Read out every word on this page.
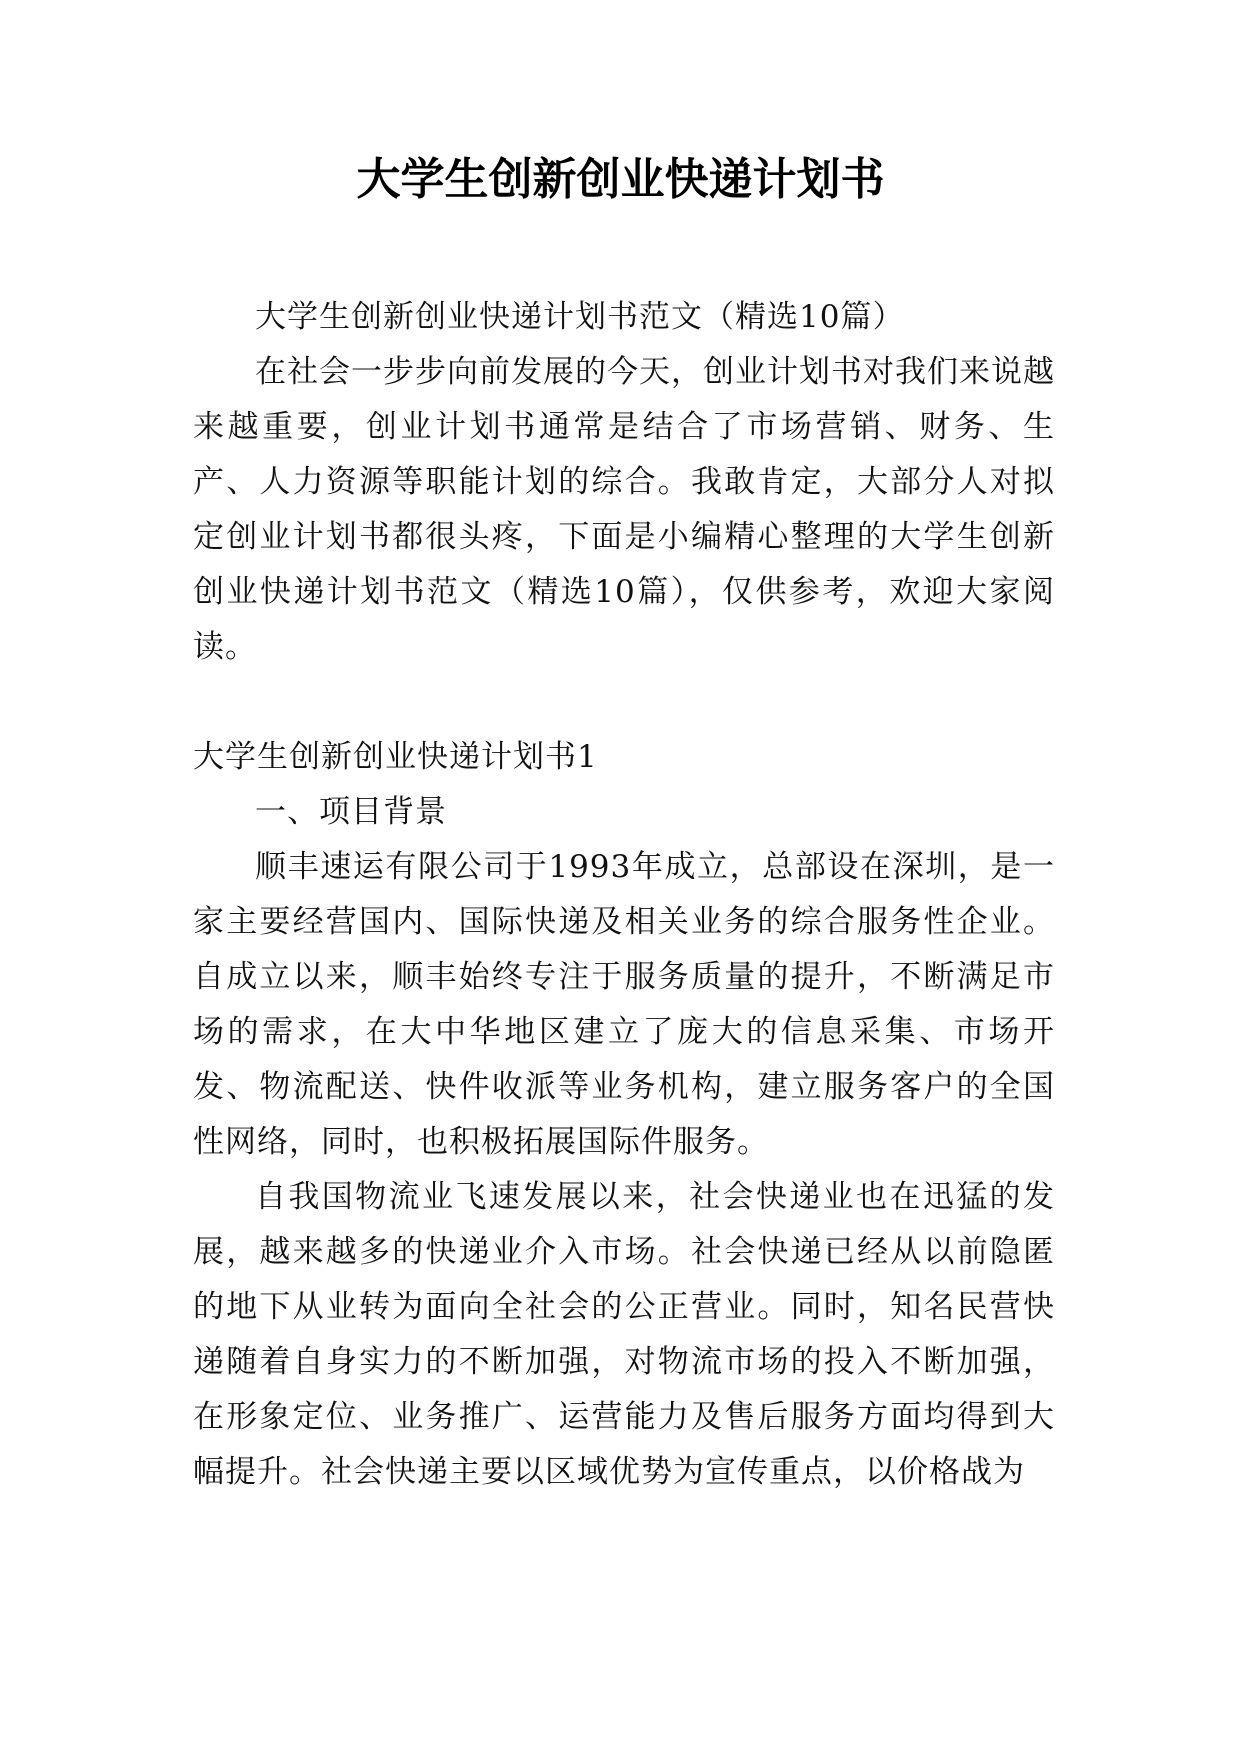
大学生创新创业快递计划书

大学生创新创业快递计划书范文（精选10篇）

在社会一步步向前发展的今天，创业计划书对我们来说越来越重要，创业计划书通常是结合了市场营销、财务、生产、人力资源等职能计划的综合。我敢肯定，大部分人对拟定创业计划书都很头疼，下面是小编精心整理的大学生创新创业快递计划书范文（精选10篇），仅供参考，欢迎大家阅读。

大学生创新创业快递计划书1

一、项目背景

顺丰速运有限公司于1993年成立，总部设在深圳，是一家主要经营国内、国际快递及相关业务的综合服务性企业。自成立以来，顺丰始终专注于服务质量的提升，不断满足市场的需求，在大中华地区建立了庞大的信息采集、市场开发、物流配送、快件收派等业务机构，建立服务客户的全国性网络，同时，也积极拓展国际件服务。

自我国物流业飞速发展以来，社会快递业也在迅猛的发展，越来越多的快递业介入市场。社会快递已经从以前隐匿的地下从业转为面向全社会的公正营业。同时，知名民营快递随着自身实力的不断加强，对物流市场的投入不断加强，在形象定位、业务推广、运营能力及售后服务方面均得到大幅提升。社会快递主要以区域优势为宣传重点，以价格战为
